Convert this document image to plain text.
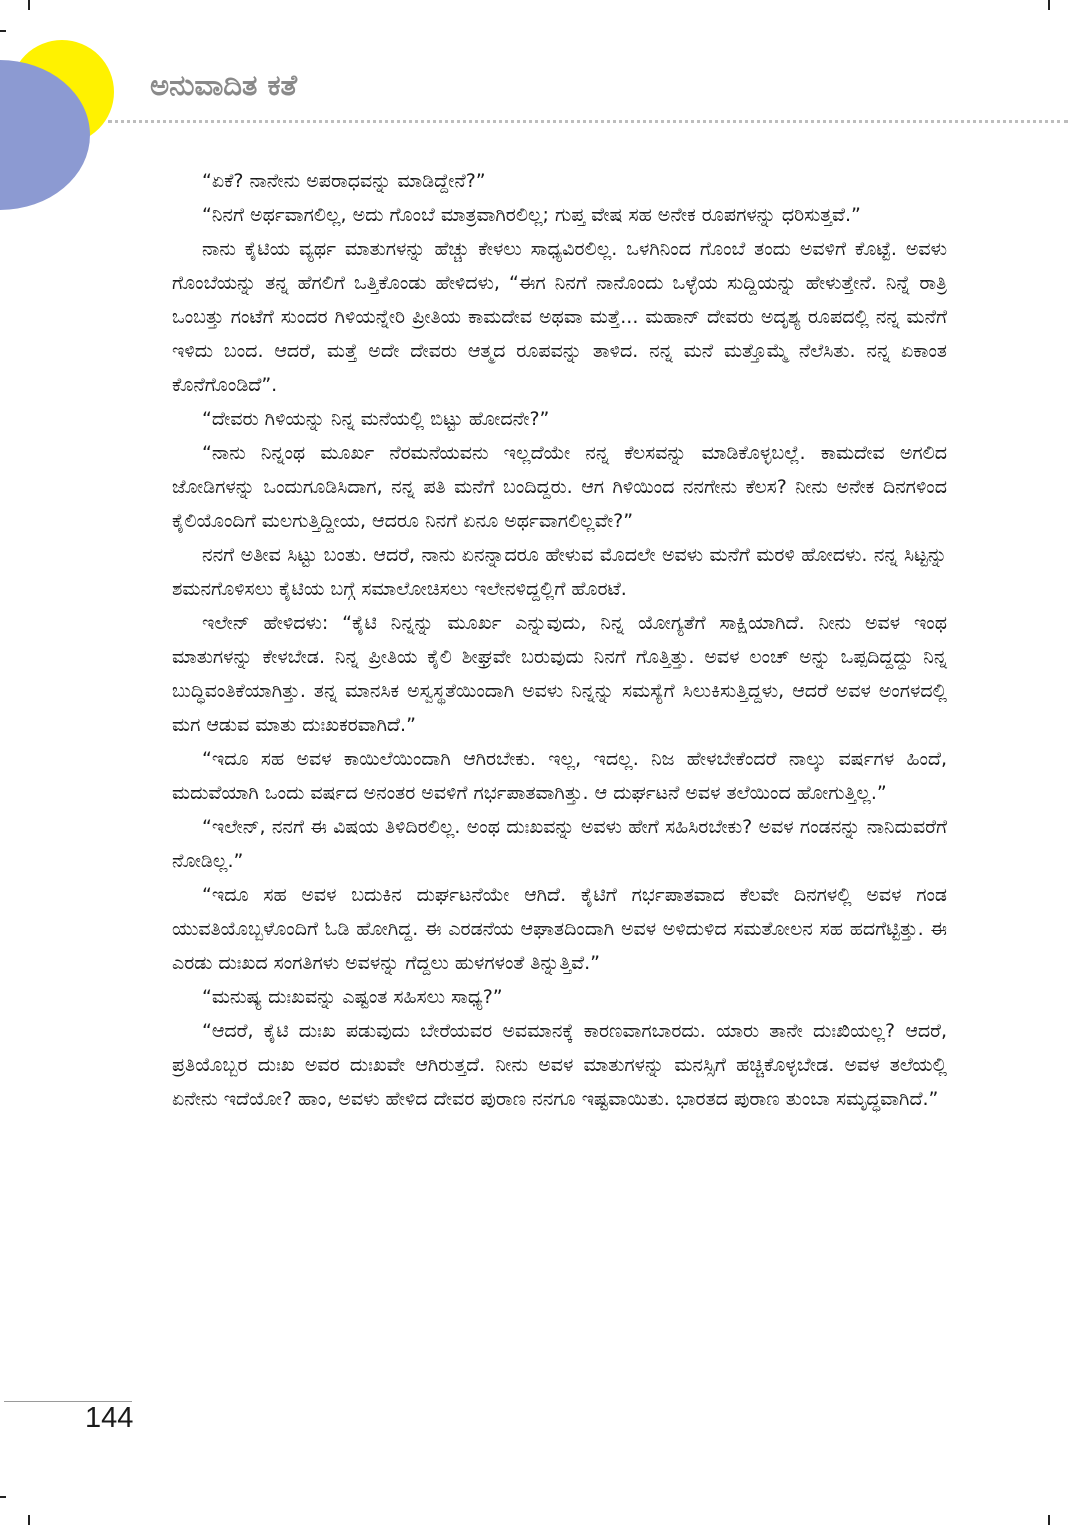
ಅನುವಾದಿತ ಕತೆ

“ಏಕೆ? ನಾನೇನು ಅಪರಾಧವನ್ನು ಮಾಡಿದ್ದೇನೆ?”

“ನಿನಗೆ ಅರ್ಥವಾಗಲಿಲ್ಲ, ಅದು ಗೊಂಬೆ ಮಾತ್ರವಾಗಿರಲಿಲ್ಲ; ಗುಪ್ತ ವೇಷ ಸಹ ಅನೇಕ ರೂಪಗಳನ್ನು ಧರಿಸುತ್ತವೆ.”

ನಾನು ಕೈಟಿಯ ವ್ಯರ್ಥ ಮಾತುಗಳನ್ನು ಹೆಚ್ಚು ಕೇಳಲು ಸಾಧ್ಯವಿರಲಿಲ್ಲ. ಒಳಗಿನಿಂದ ಗೊಂಬೆ ತಂದು ಅವಳಿಗೆ ಕೊಟ್ಟೆ. ಅವಳು ಗೊಂಬೆಯನ್ನು ತನ್ನ ಹೆಗಲಿಗೆ ಒತ್ತಿಕೊಂಡು ಹೇಳಿದಳು, “ಈಗ ನಿನಗೆ ನಾನೊಂದು ಒಳ್ಳೆಯ ಸುದ್ದಿಯನ್ನು ಹೇಳುತ್ತೇನೆ. ನಿನ್ನೆ ರಾತ್ರಿ ಒಂಬತ್ತು ಗಂಟೆಗೆ ಸುಂದರ ಗಿಳಿಯನ್ನೇರಿ ಪ್ರೀತಿಯ ಕಾಮದೇವ ಅಥವಾ ಮತ್ತೆ... ಮಹಾನ್ ದೇವರು ಅದೃಶ್ಯ ರೂಪದಲ್ಲಿ ನನ್ನ ಮನೆಗೆ ಇಳಿದು ಬಂದ. ಆದರೆ, ಮತ್ತೆ ಅದೇ ದೇವರು ಆತ್ಮದ ರೂಪವನ್ನು ತಾಳಿದ. ನನ್ನ ಮನೆ ಮತ್ತೊಮ್ಮೆ ನೆಲೆಸಿತು. ನನ್ನ ಏಕಾಂತ ಕೊನೆಗೊಂಡಿದೆ”.

“ದೇವರು ಗಿಳಿಯನ್ನು ನಿನ್ನ ಮನೆಯಲ್ಲಿ ಬಿಟ್ಟು ಹೋದನೇ?”

“ನಾನು ನಿನ್ನಂಥ ಮೂರ್ಖ ನೆರಮನೆಯವನು ಇಲ್ಲದೆಯೇ ನನ್ನ ಕೆಲಸವನ್ನು ಮಾಡಿಕೊಳ್ಳಬಲ್ಲೆ. ಕಾಮದೇವ ಅಗಲಿದ ಜೋಡಿಗಳನ್ನು ಒಂದುಗೂಡಿಸಿದಾಗ, ನನ್ನ ಪತಿ ಮನೆಗೆ ಬಂದಿದ್ದರು. ಆಗ ಗಿಳಿಯಿಂದ ನನಗೇನು ಕೆಲಸ? ನೀನು ಅನೇಕ ದಿನಗಳಿಂದ ಕೈಲಿಯೊಂದಿಗೆ ಮಲಗುತ್ತಿದ್ದೀಯ, ಆದರೂ ನಿನಗೆ ಏನೂ ಅರ್ಥವಾಗಲಿಲ್ಲವೇ?”

ನನಗೆ ಅತೀವ ಸಿಟ್ಟು ಬಂತು. ಆದರೆ, ನಾನು ಏನನ್ನಾದರೂ ಹೇಳುವ ಮೊದಲೇ ಅವಳು ಮನೆಗೆ ಮರಳಿ ಹೋದಳು. ನನ್ನ ಸಿಟ್ಟನ್ನು ಶಮನಗೊಳಿಸಲು ಕೈಟಿಯ ಬಗ್ಗೆ ಸಮಾಲೋಚಿಸಲು ಇಲೇನಳಿದ್ದಲ್ಲಿಗೆ ಹೊರಟೆ.

ಇಲೇನ್ ಹೇಳಿದಳು: “ಕೈಟಿ ನಿನ್ನನ್ನು ಮೂರ್ಖ ಎನ್ನುವುದು, ನಿನ್ನ ಯೋಗ್ಯತೆಗೆ ಸಾಕ್ಷಿಯಾಗಿದೆ. ನೀನು ಅವಳ ಇಂಥ ಮಾತುಗಳನ್ನು ಕೇಳಬೇಡ. ನಿನ್ನ ಪ್ರೀತಿಯ ಕೈಲಿ ಶೀಘ್ರವೇ ಬರುವುದು ನಿನಗೆ ಗೊತ್ತಿತ್ತು. ಅವಳ ಲಂಚ್ ಅನ್ನು ಒಪ್ಪದಿದ್ದದ್ದು ನಿನ್ನ ಬುದ್ಧಿವಂತಿಕೆಯಾಗಿತ್ತು. ತನ್ನ ಮಾನಸಿಕ ಅಸ್ವಸ್ಥತೆಯಿಂದಾಗಿ ಅವಳು ನಿನ್ನನ್ನು ಸಮಸ್ಯೆಗೆ ಸಿಲುಕಿಸುತ್ತಿದ್ದಳು, ಆದರೆ ಅವಳ ಅಂಗಳದಲ್ಲಿ ಮಗ ಆಡುವ ಮಾತು ದುಃಖಕರವಾಗಿದೆ.”

“ಇದೂ ಸಹ ಅವಳ ಕಾಯಿಲೆಯಿಂದಾಗಿ ಆಗಿರಬೇಕು. ಇಲ್ಲ, ಇದಲ್ಲ. ನಿಜ ಹೇಳಬೇಕೆಂದರೆ ನಾಲ್ಕು ವರ್ಷಗಳ ಹಿಂದೆ, ಮದುವೆಯಾಗಿ ಒಂದು ವರ್ಷದ ಅನಂತರ ಅವಳಿಗೆ ಗರ್ಭಪಾತವಾಗಿತ್ತು. ಆ ದುರ್ಘಟನೆ ಅವಳ ತಲೆಯಿಂದ ಹೋಗುತ್ತಿಲ್ಲ.”

“ಇಲೇನ್, ನನಗೆ ಈ ವಿಷಯ ತಿಳಿದಿರಲಿಲ್ಲ. ಅಂಥ ದುಃಖವನ್ನು ಅವಳು ಹೇಗೆ ಸಹಿಸಿರಬೇಕು? ಅವಳ ಗಂಡನನ್ನು ನಾನಿದುವರೆಗೆ ನೋಡಿಲ್ಲ.”

“ಇದೂ ಸಹ ಅವಳ ಬದುಕಿನ ದುರ್ಘಟನೆಯೇ ಆಗಿದೆ. ಕೈಟಿಗೆ ಗರ್ಭಪಾತವಾದ ಕೆಲವೇ ದಿನಗಳಲ್ಲಿ ಅವಳ ಗಂಡ ಯುವತಿಯೊಬ್ಬಳೊಂದಿಗೆ ಓಡಿ ಹೋಗಿದ್ದ. ಈ ಎರಡನೆಯ ಆಘಾತದಿಂದಾಗಿ ಅವಳ ಅಳಿದುಳಿದ ಸಮತೋಲನ ಸಹ ಹದಗೆಟ್ಟಿತ್ತು. ಈ ಎರಡು ದುಃಖದ ಸಂಗತಿಗಳು ಅವಳನ್ನು ಗೆದ್ದಲು ಹುಳಗಳಂತೆ ತಿನ್ನುತ್ತಿವೆ.”

“ಮನುಷ್ಯ ದುಃಖವನ್ನು ಎಷ್ಟಂತ ಸಹಿಸಲು ಸಾಧ್ಯ?”

“ಆದರೆ, ಕೈಟಿ ದುಃಖ ಪಡುವುದು ಬೇರೆಯವರ ಅವಮಾನಕ್ಕೆ ಕಾರಣವಾಗಬಾರದು. ಯಾರು ತಾನೇ ದುಃಖಿಯಲ್ಲ? ಆದರೆ, ಪ್ರತಿಯೊಬ್ಬರ ದುಃಖ ಅವರ ದುಃಖವೇ ಆಗಿರುತ್ತದೆ. ನೀನು ಅವಳ ಮಾತುಗಳನ್ನು ಮನಸ್ಸಿಗೆ ಹಚ್ಚಿಕೊಳ್ಳಬೇಡ. ಅವಳ ತಲೆಯಲ್ಲಿ ಏನೇನು ಇದೆಯೋ? ಹಾಂ, ಅವಳು ಹೇಳಿದ ದೇವರ ಪುರಾಣ ನನಗೂ ಇಷ್ಟವಾಯಿತು. ಭಾರತದ ಪುರಾಣ ತುಂಬಾ ಸಮೃದ್ಧವಾಗಿದೆ.”

144
